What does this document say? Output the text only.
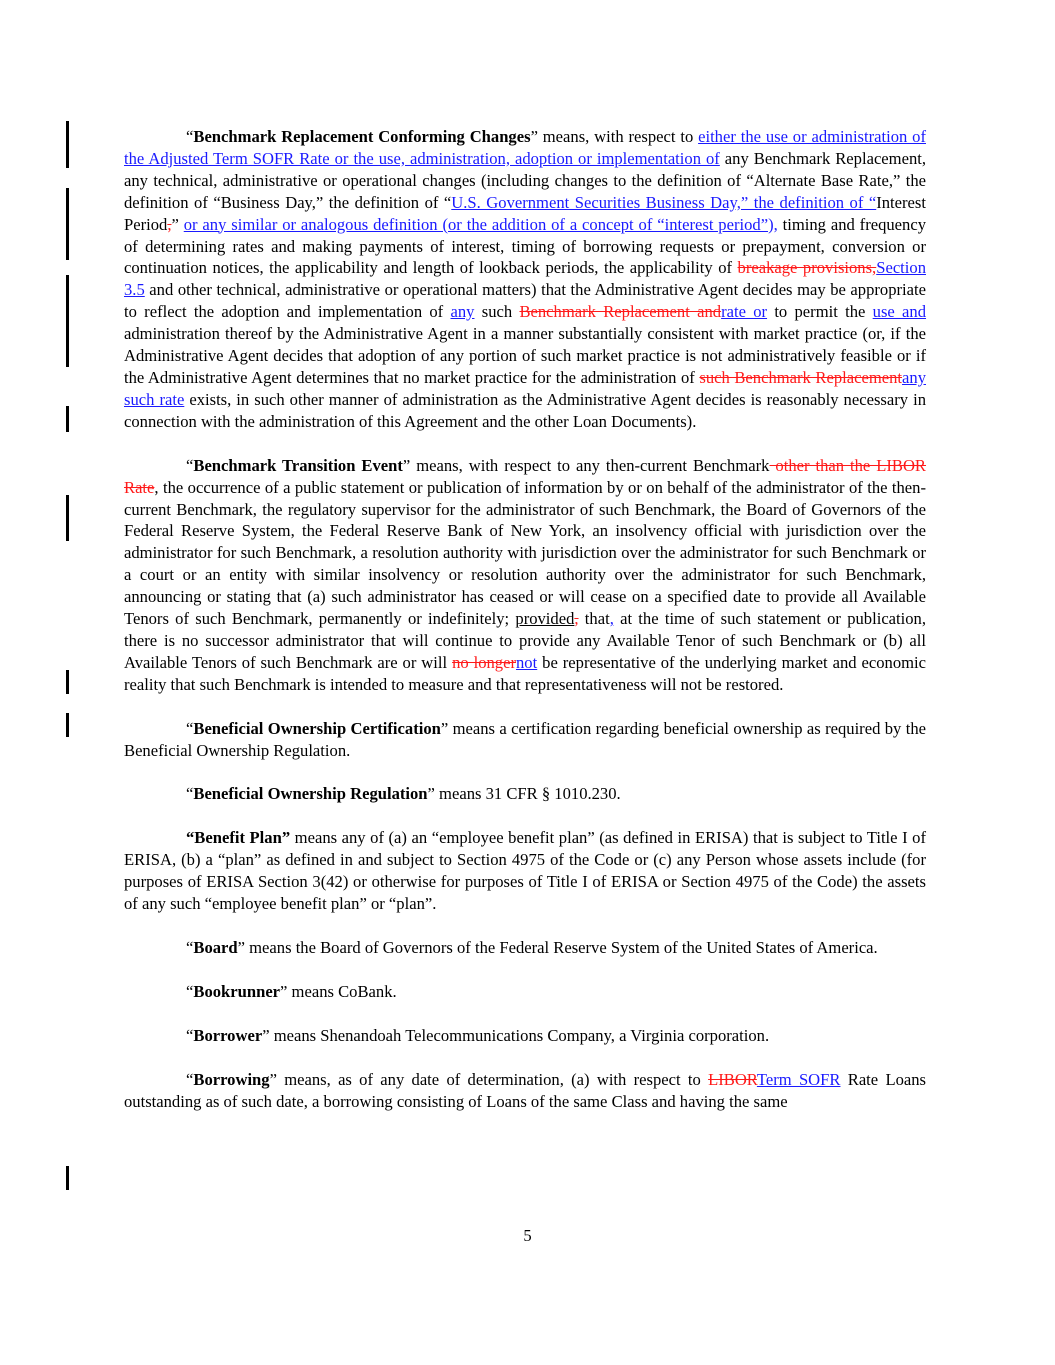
“Benchmark Replacement Conforming Changes” means, with respect to either the use or administration of the Adjusted Term SOFR Rate or the use, administration, adoption or implementation of any Benchmark Replacement, any technical, administrative or operational changes (including changes to the definition of “Alternate Base Rate,” the definition of “Business Day,” the definition of “U.S. Government Securities Business Day,” the definition of “Interest Period,” or any similar or analogous definition (or the addition of a concept of “interest period”), timing and frequency of determining rates and making payments of interest, timing of borrowing requests or prepayment, conversion or continuation notices, the applicability and length of lookback periods, the applicability of breakage provisions,Section 3.5 and other technical, administrative or operational matters) that the Administrative Agent decides may be appropriate to reflect the adoption and implementation of any such Benchmark Replacement andrate or to permit the use and administration thereof by the Administrative Agent in a manner substantially consistent with market practice (or, if the Administrative Agent decides that adoption of any portion of such market practice is not administratively feasible or if the Administrative Agent determines that no market practice for the administration of such Benchmark Replacementany such rate exists, in such other manner of administration as the Administrative Agent decides is reasonably necessary in connection with the administration of this Agreement and the other Loan Documents).

“Benchmark Transition Event” means, with respect to any then-current Benchmark other than the LIBOR Rate, the occurrence of a public statement or publication of information by or on behalf of the administrator of the then-current Benchmark, the regulatory supervisor for the administrator of such Benchmark, the Board of Governors of the Federal Reserve System, the Federal Reserve Bank of New York, an insolvency official with jurisdiction over the administrator for such Benchmark, a resolution authority with jurisdiction over the administrator for such Benchmark or a court or an entity with similar insolvency or resolution authority over the administrator for such Benchmark, announcing or stating that (a) such administrator has ceased or will cease on a specified date to provide all Available Tenors of such Benchmark, permanently or indefinitely; provided, that, at the time of such statement or publication, there is no successor administrator that will continue to provide any Available Tenor of such Benchmark or (b) all Available Tenors of such Benchmark are or will no longernot be representative of the underlying market and economic reality that such Benchmark is intended to measure and that representativeness will not be restored.

“Beneficial Ownership Certification” means a certification regarding beneficial ownership as required by the Beneficial Ownership Regulation.

“Beneficial Ownership Regulation” means 31 CFR § 1010.230.

“Benefit Plan” means any of (a) an “employee benefit plan” (as defined in ERISA) that is subject to Title I of ERISA, (b) a “plan” as defined in and subject to Section 4975 of the Code or (c) any Person whose assets include (for purposes of ERISA Section 3(42) or otherwise for purposes of Title I of ERISA or Section 4975 of the Code) the assets of any such “employee benefit plan” or “plan”.

“Board” means the Board of Governors of the Federal Reserve System of the United States of America.

“Bookrunner” means CoBank.

“Borrower” means Shenandoah Telecommunications Company, a Virginia corporation.

“Borrowing” means, as of any date of determination, (a) with respect to LIBORTerm SOFR Rate Loans outstanding as of such date, a borrowing consisting of Loans of the same Class and having the same

5
